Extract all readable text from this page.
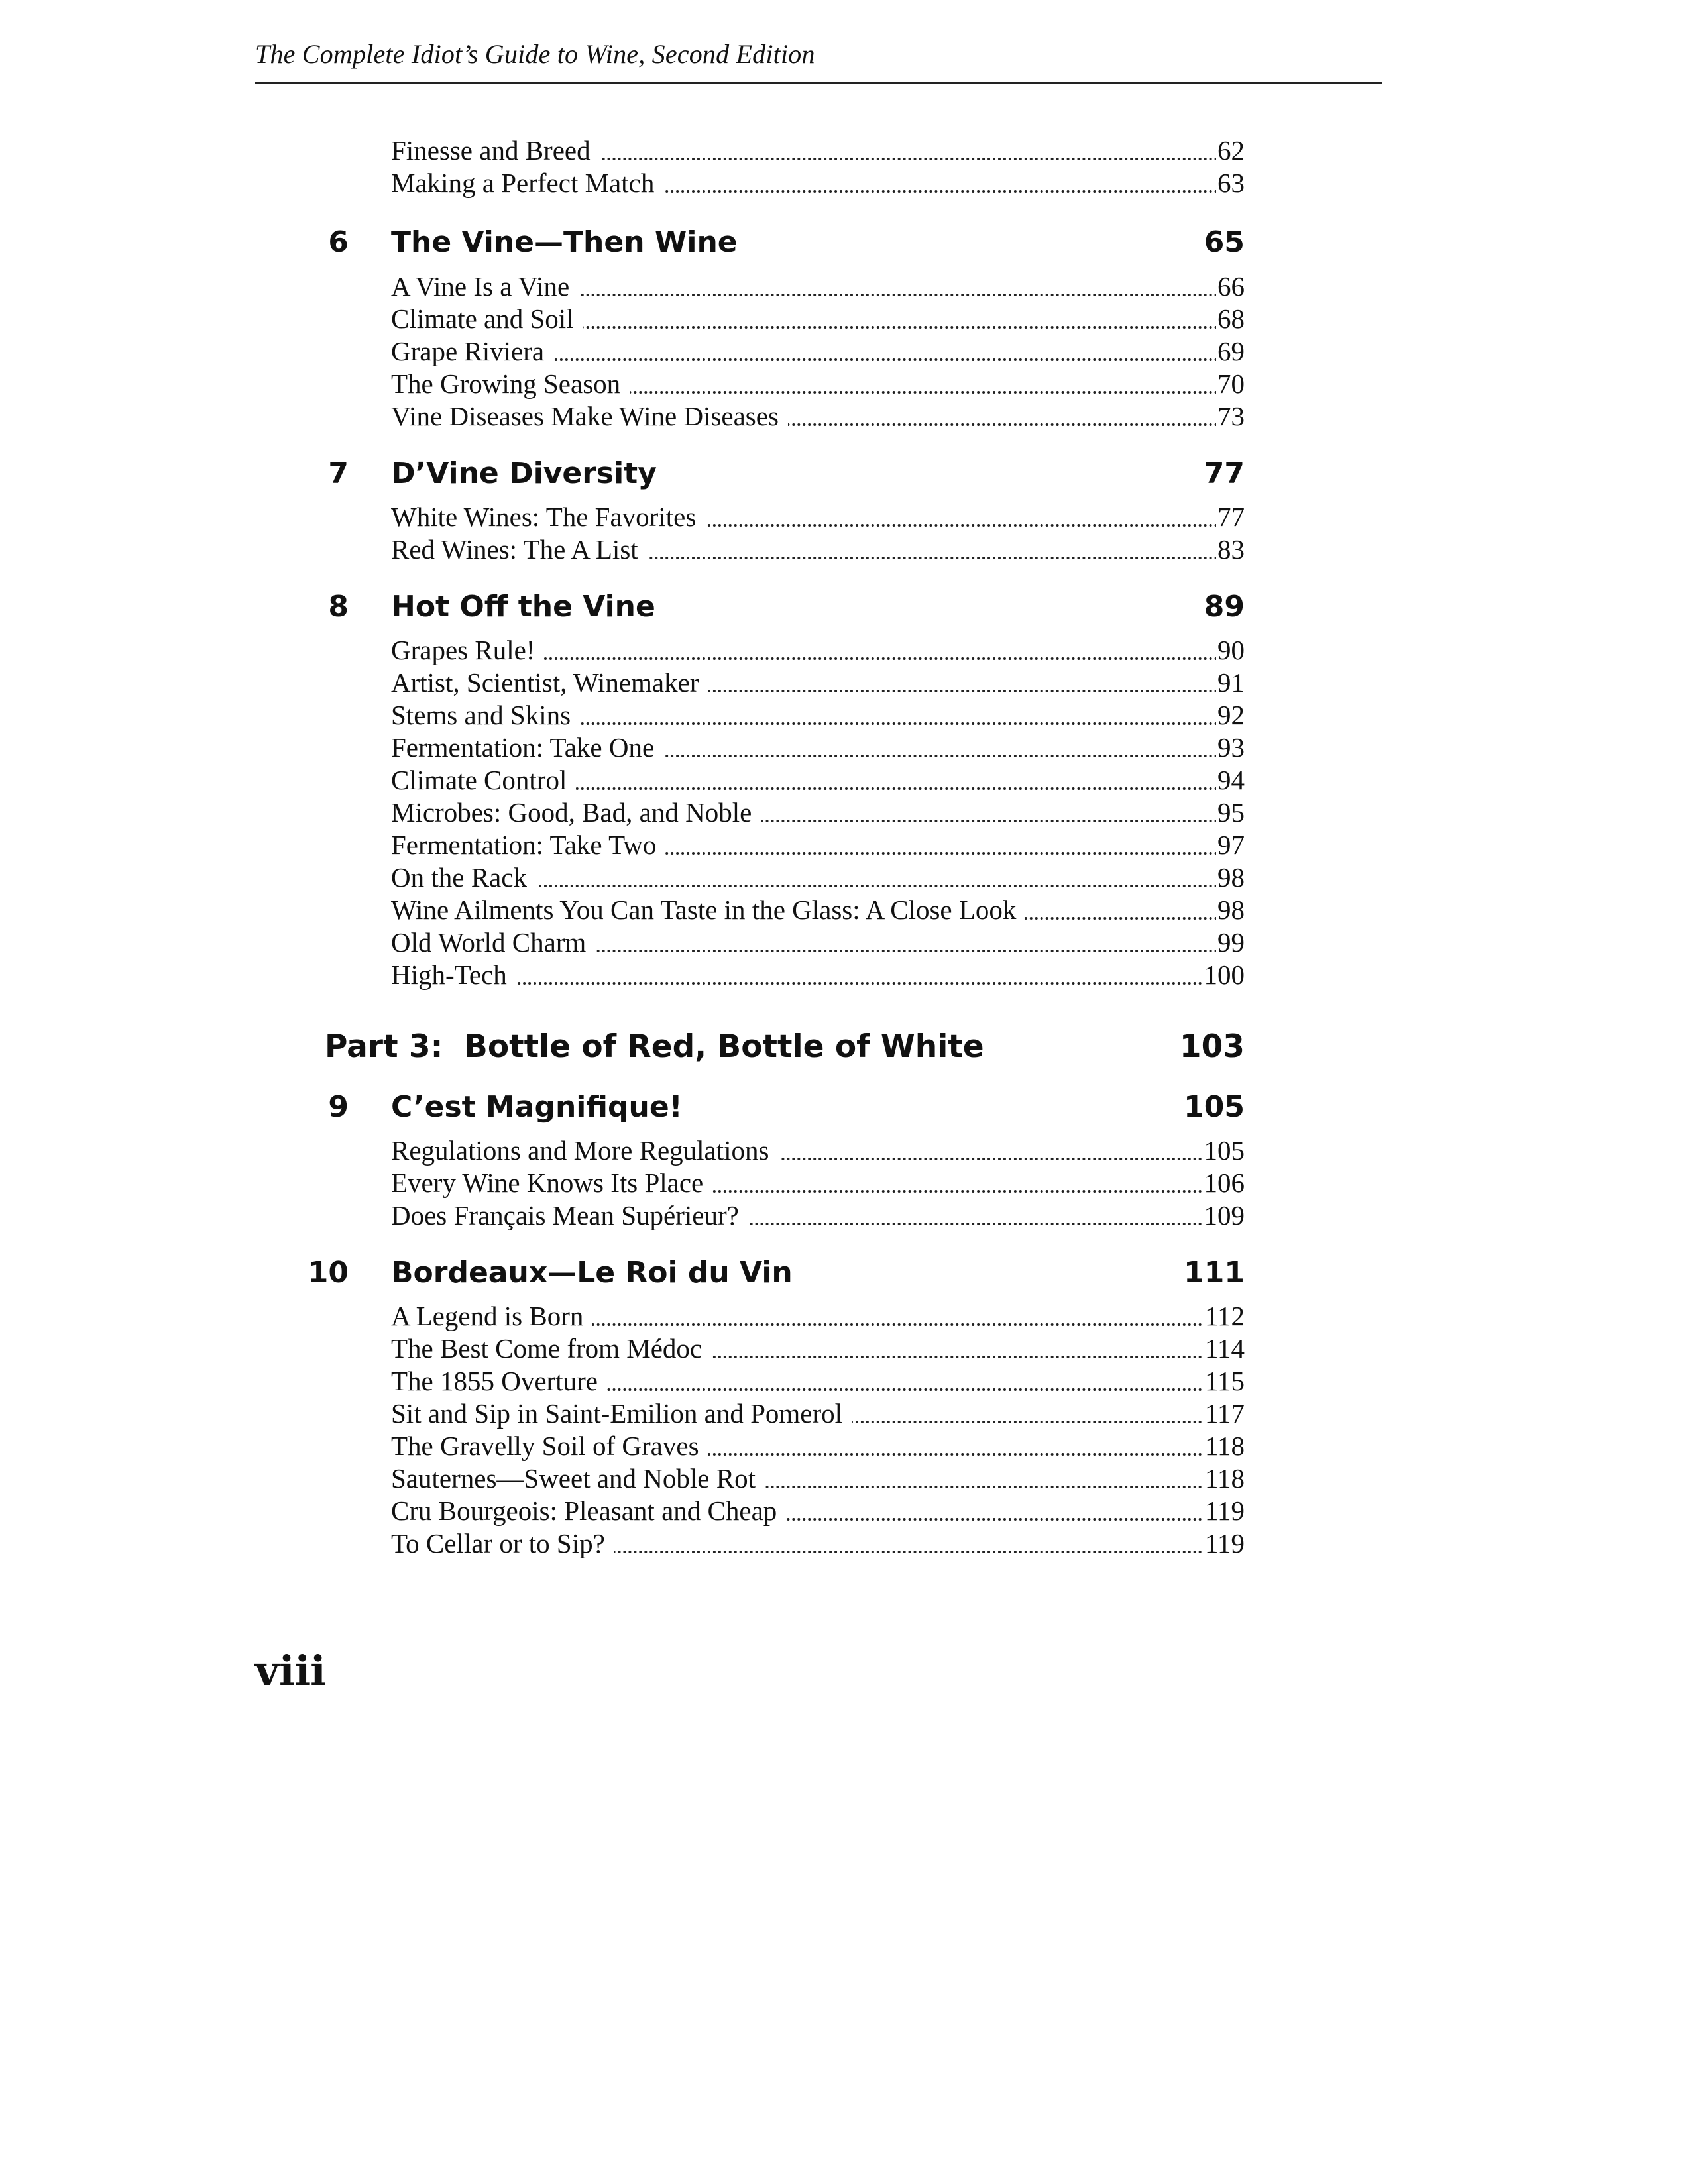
The Complete Idiot’s Guide to Wine, Second Edition
Finesse and Breed	62
Making a Perfect Match	63
6 The Vine—Then Wine	65
A Vine Is a Vine	66
Climate and Soil	68
Grape Riviera	69
The Growing Season	70
Vine Diseases Make Wine Diseases	73
7 D’Vine Diversity	77
White Wines: The Favorites	77
Red Wines: The A List	83
8 Hot Off the Vine	89
Grapes Rule!	90
Artist, Scientist, Winemaker	91
Stems and Skins	92
Fermentation: Take One	93
Climate Control	94
Microbes: Good, Bad, and Noble	95
Fermentation: Take Two	97
On the Rack	98
Wine Ailments You Can Taste in the Glass: A Close Look	98
Old World Charm	99
High-Tech	100
Part 3: Bottle of Red, Bottle of White	103
9 C’est Magnifique!	105
Regulations and More Regulations	105
Every Wine Knows Its Place	106
Does Français Mean Supérieur?	109
10 Bordeaux—Le Roi du Vin	111
A Legend is Born	112
The Best Come from Médoc	114
The 1855 Overture	115
Sit and Sip in Saint-Emilion and Pomerol	117
The Gravelly Soil of Graves	118
Sauternes—Sweet and Noble Rot	118
Cru Bourgeois: Pleasant and Cheap	119
To Cellar or to Sip?	119
viii
